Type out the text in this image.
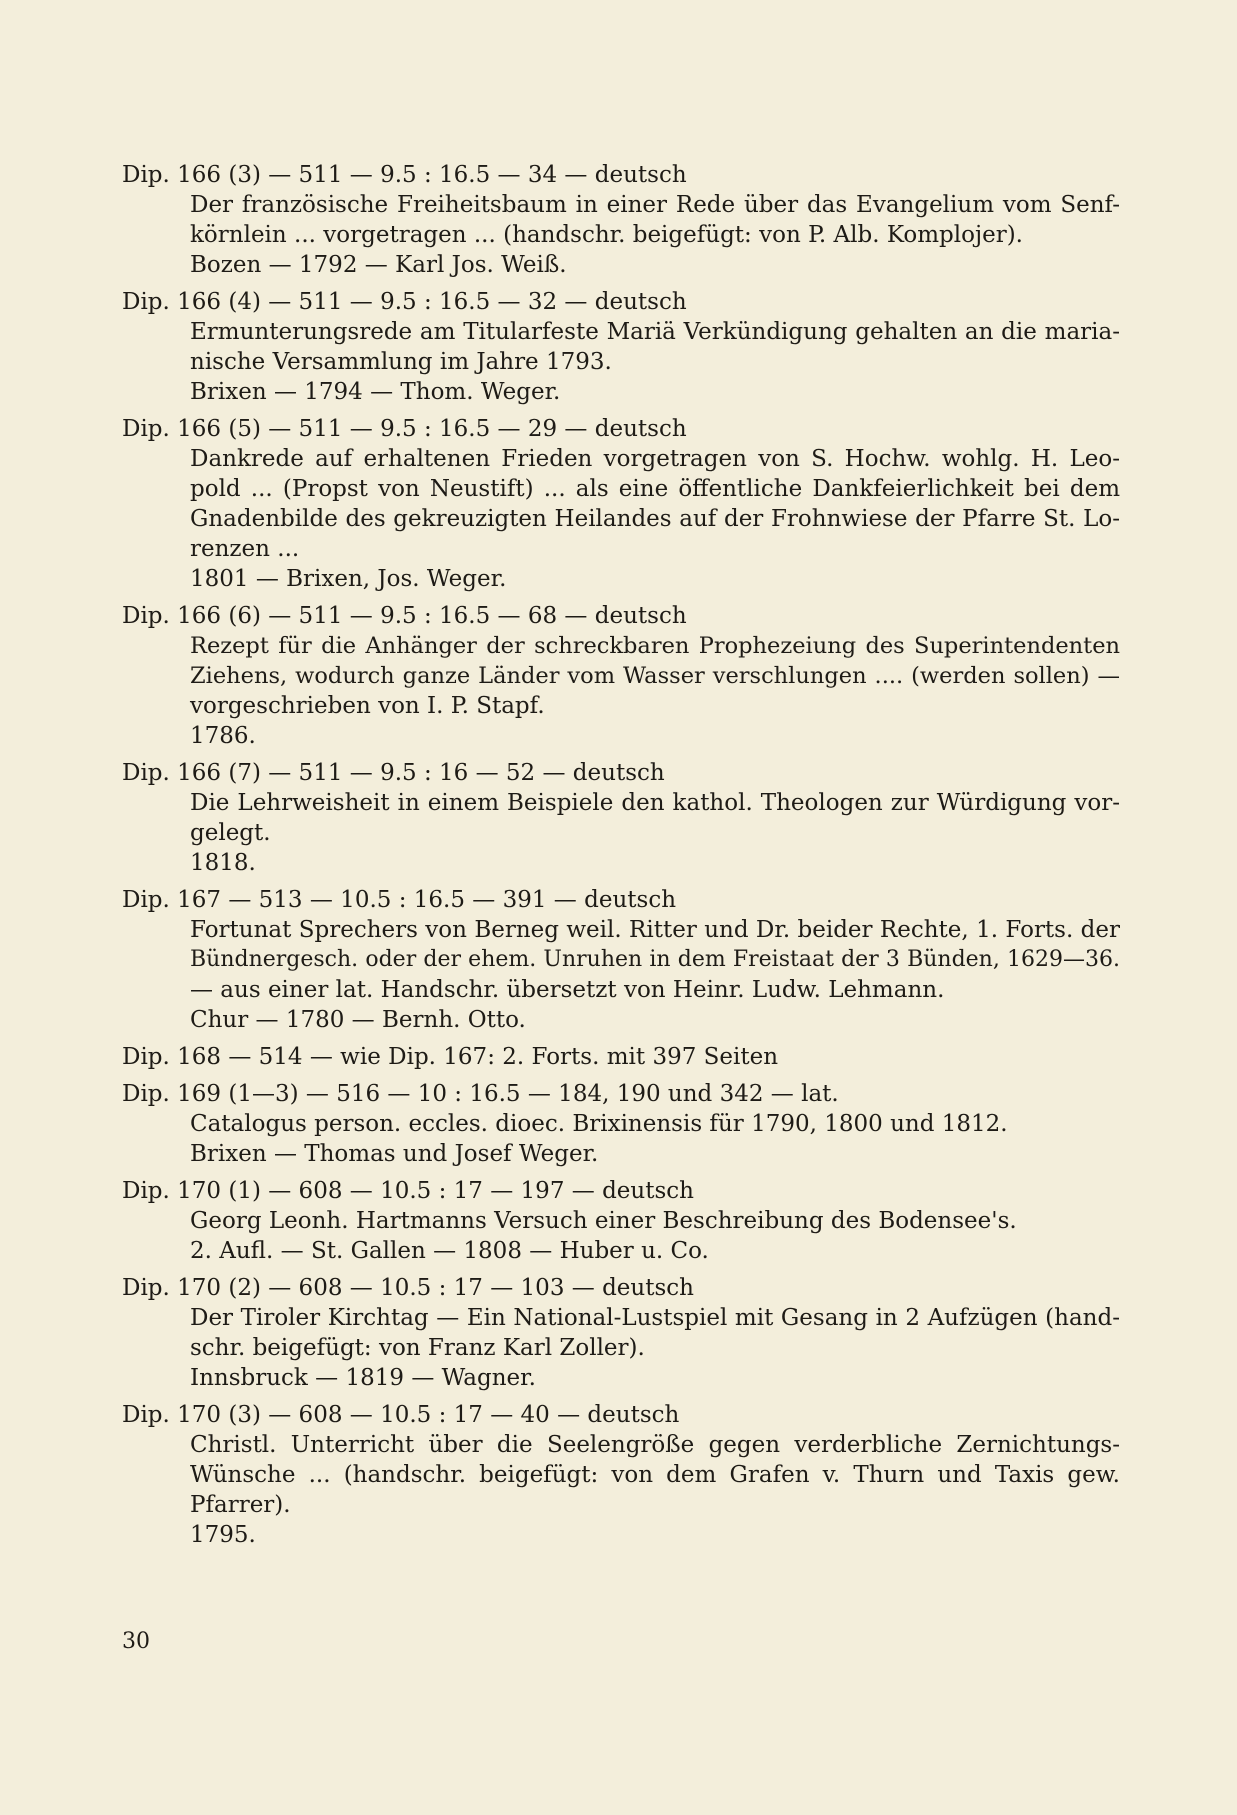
Dip. 166 (3) — 511 — 9.5 : 16.5 — 34 — deutsch
Der französische Freiheitsbaum in einer Rede über das Evangelium vom Senf-
körnlein ... vorgetragen ... (handschr. beigefügt: von P. Alb. Komplojer).
Bozen — 1792 — Karl Jos. Weiß.
Dip. 166 (4) — 511 — 9.5 : 16.5 — 32 — deutsch
Ermunterungsrede am Titularfeste Mariä Verkündigung gehalten an die maria-
nische Versammlung im Jahre 1793.
Brixen — 1794 — Thom. Weger.
Dip. 166 (5) — 511 — 9.5 : 16.5 — 29 — deutsch
Dankrede auf erhaltenen Frieden vorgetragen von S. Hochw. wohlg. H. Leo-
pold ... (Propst von Neustift) ... als eine öffentliche Dankfeierlichkeit bei dem
Gnadenbilde des gekreuzigten Heilandes auf der Frohnwiese der Pfarre St. Lo-
renzen ...
1801 — Brixen, Jos. Weger.
Dip. 166 (6) — 511 — 9.5 : 16.5 — 68 — deutsch
Rezept für die Anhänger der schreckbaren Prophezeiung des Superintendenten
Ziehens, wodurch ganze Länder vom Wasser verschlungen .... (werden sollen) —
vorgeschrieben von I. P. Stapf.
1786.
Dip. 166 (7) — 511 — 9.5 : 16 — 52 — deutsch
Die Lehrweisheit in einem Beispiele den kathol. Theologen zur Würdigung vor-
gelegt.
1818.
Dip. 167 — 513 — 10.5 : 16.5 — 391 — deutsch
Fortunat Sprechers von Berneg weil. Ritter und Dr. beider Rechte, 1. Forts. der
Bündnergesch. oder der ehem. Unruhen in dem Freistaat der 3 Bünden, 1629—36.
— aus einer lat. Handschr. übersetzt von Heinr. Ludw. Lehmann.
Chur — 1780 — Bernh. Otto.
Dip. 168 — 514 — wie Dip. 167: 2. Forts. mit 397 Seiten
Dip. 169 (1—3) — 516 — 10 : 16.5 — 184, 190 und 342 — lat.
Catalogus person. eccles. dioec. Brixinensis für 1790, 1800 und 1812.
Brixen — Thomas und Josef Weger.
Dip. 170 (1) — 608 — 10.5 : 17 — 197 — deutsch
Georg Leonh. Hartmanns Versuch einer Beschreibung des Bodensee's.
2. Aufl. — St. Gallen — 1808 — Huber u. Co.
Dip. 170 (2) — 608 — 10.5 : 17 — 103 — deutsch
Der Tiroler Kirchtag — Ein National-Lustspiel mit Gesang in 2 Aufzügen (hand-
schr. beigefügt: von Franz Karl Zoller).
Innsbruck — 1819 — Wagner.
Dip. 170 (3) — 608 — 10.5 : 17 — 40 — deutsch
Christl. Unterricht über die Seelengröße gegen verderbliche Zernichtungs-
Wünsche ... (handschr. beigefügt: von dem Grafen v. Thurn und Taxis gew.
Pfarrer).
1795.
30
